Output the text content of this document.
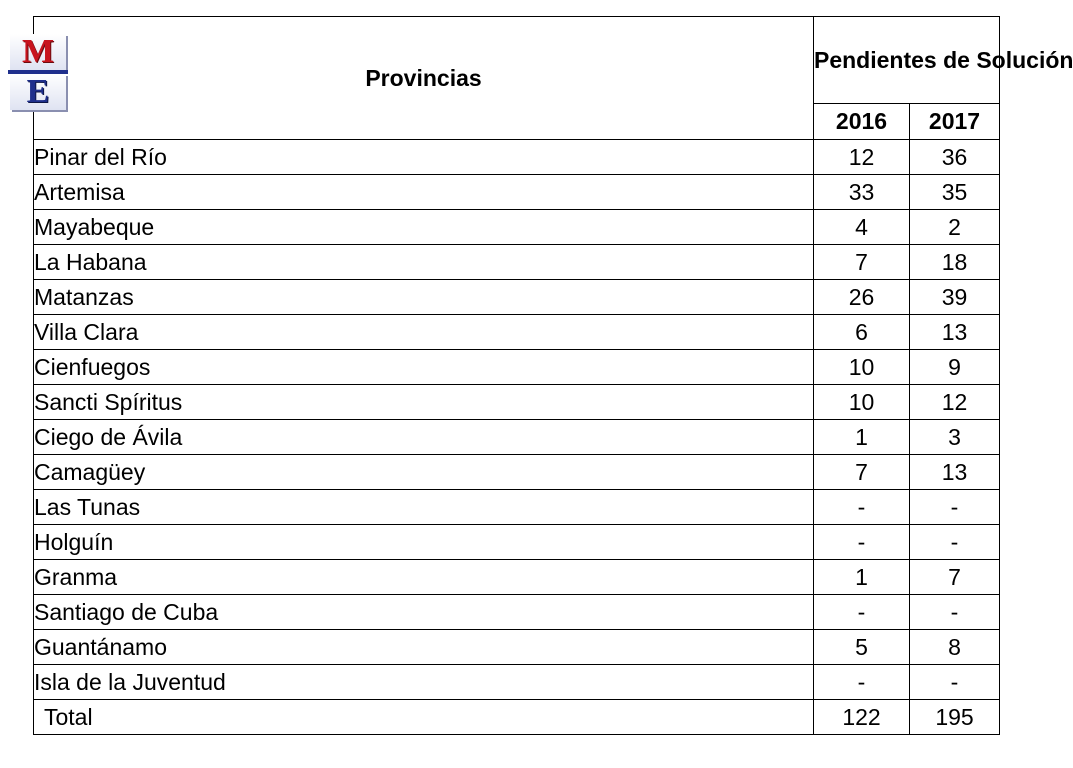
M
E	Provincias	Pendientes de Solución	
	2016	2017
Pinar del Río	12	36
Artemisa	33	35
Mayabeque	4	2
La Habana	7	18
Matanzas	26	39
Villa Clara	6	13
Cienfuegos	10	9
Sancti Spíritus	10	12
Ciego de Ávila	1	3
Camagüey	7	13
Las Tunas	-	-
Holguín	-	-
Granma	1	7
Santiago de Cuba	-	-
Guantánamo	5	8
Isla de la Juventud	-	-
Total	122	195
